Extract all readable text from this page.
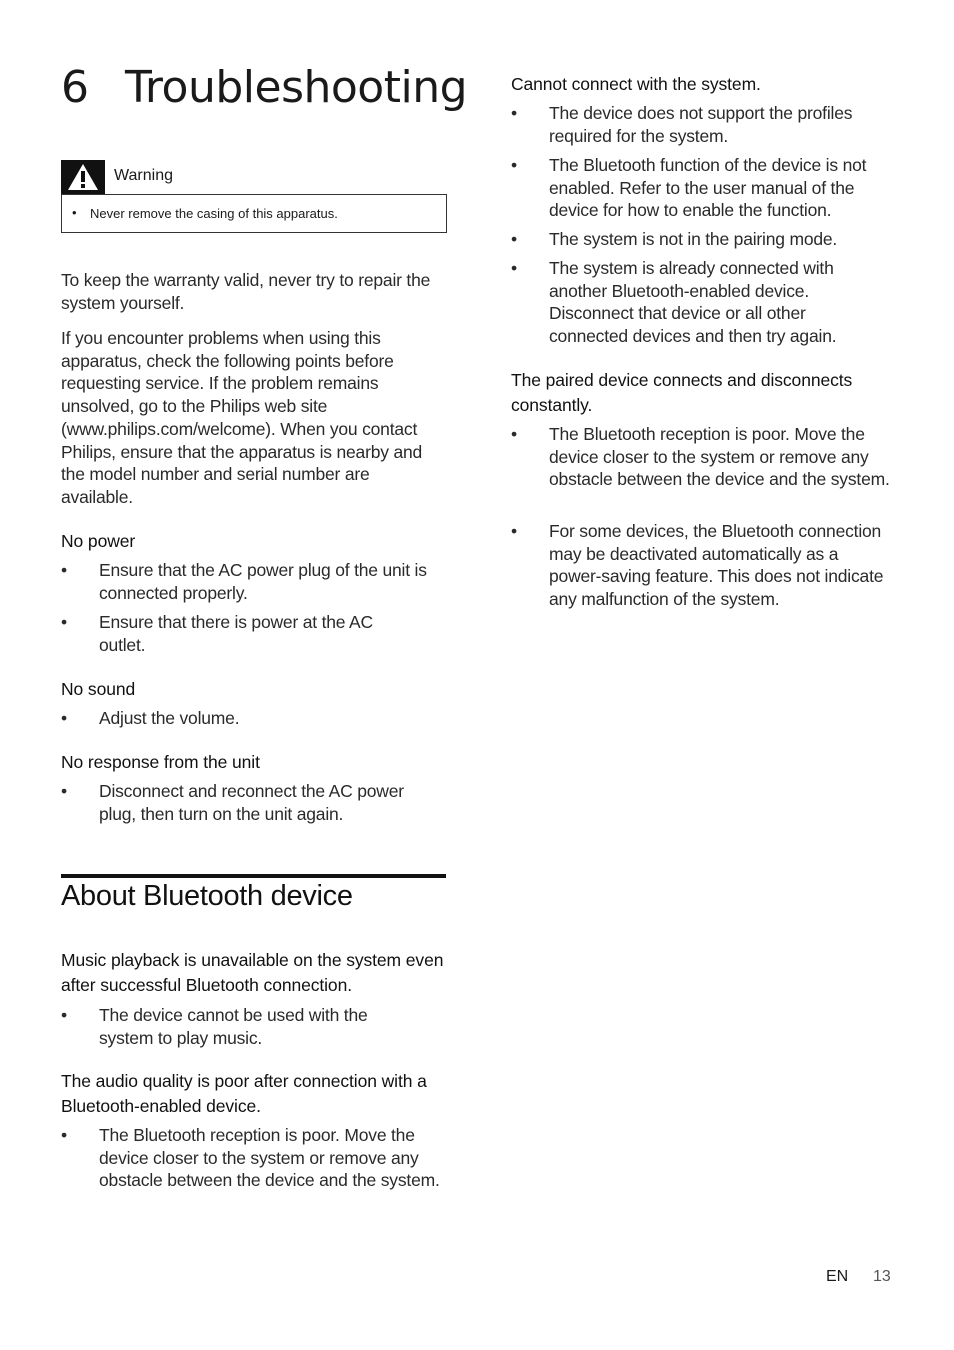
6 Troubleshooting
Warning
• Never remove the casing of this apparatus.

To keep the warranty valid, never try to repair the system yourself.

If you encounter problems when using this apparatus, check the following points before requesting service. If the problem remains unsolved, go to the Philips web site (www.philips.com/welcome). When you contact Philips, ensure that the apparatus is nearby and the model number and serial number are available.

No power

• Ensure that the AC power plug of the unit is connected properly.
• Ensure that there is power at the AC outlet.

No sound

• Adjust the volume.

No response from the unit

• Disconnect and reconnect the AC power plug, then turn on the unit again.
About Bluetooth device

Music playback is unavailable on the system even after successful Bluetooth connection.

• The device cannot be used with the system to play music.

The audio quality is poor after connection with a Bluetooth-enabled device.

• The Bluetooth reception is poor. Move the device closer to the system or remove any obstacle between the device and the system.

Cannot connect with the system.

• The device does not support the profiles required for the system.
• The Bluetooth function of the device is not enabled. Refer to the user manual of the device for how to enable the function.
• The system is not in the pairing mode.
• The system is already connected with another Bluetooth-enabled device. Disconnect that device or all other connected devices and then try again.

The paired device connects and disconnects constantly.

• The Bluetooth reception is poor. Move the device closer to the system or remove any obstacle between the device and the system.
• For some devices, the Bluetooth connection may be deactivated automatically as a power-saving feature. This does not indicate any malfunction of the system.
EN 13
